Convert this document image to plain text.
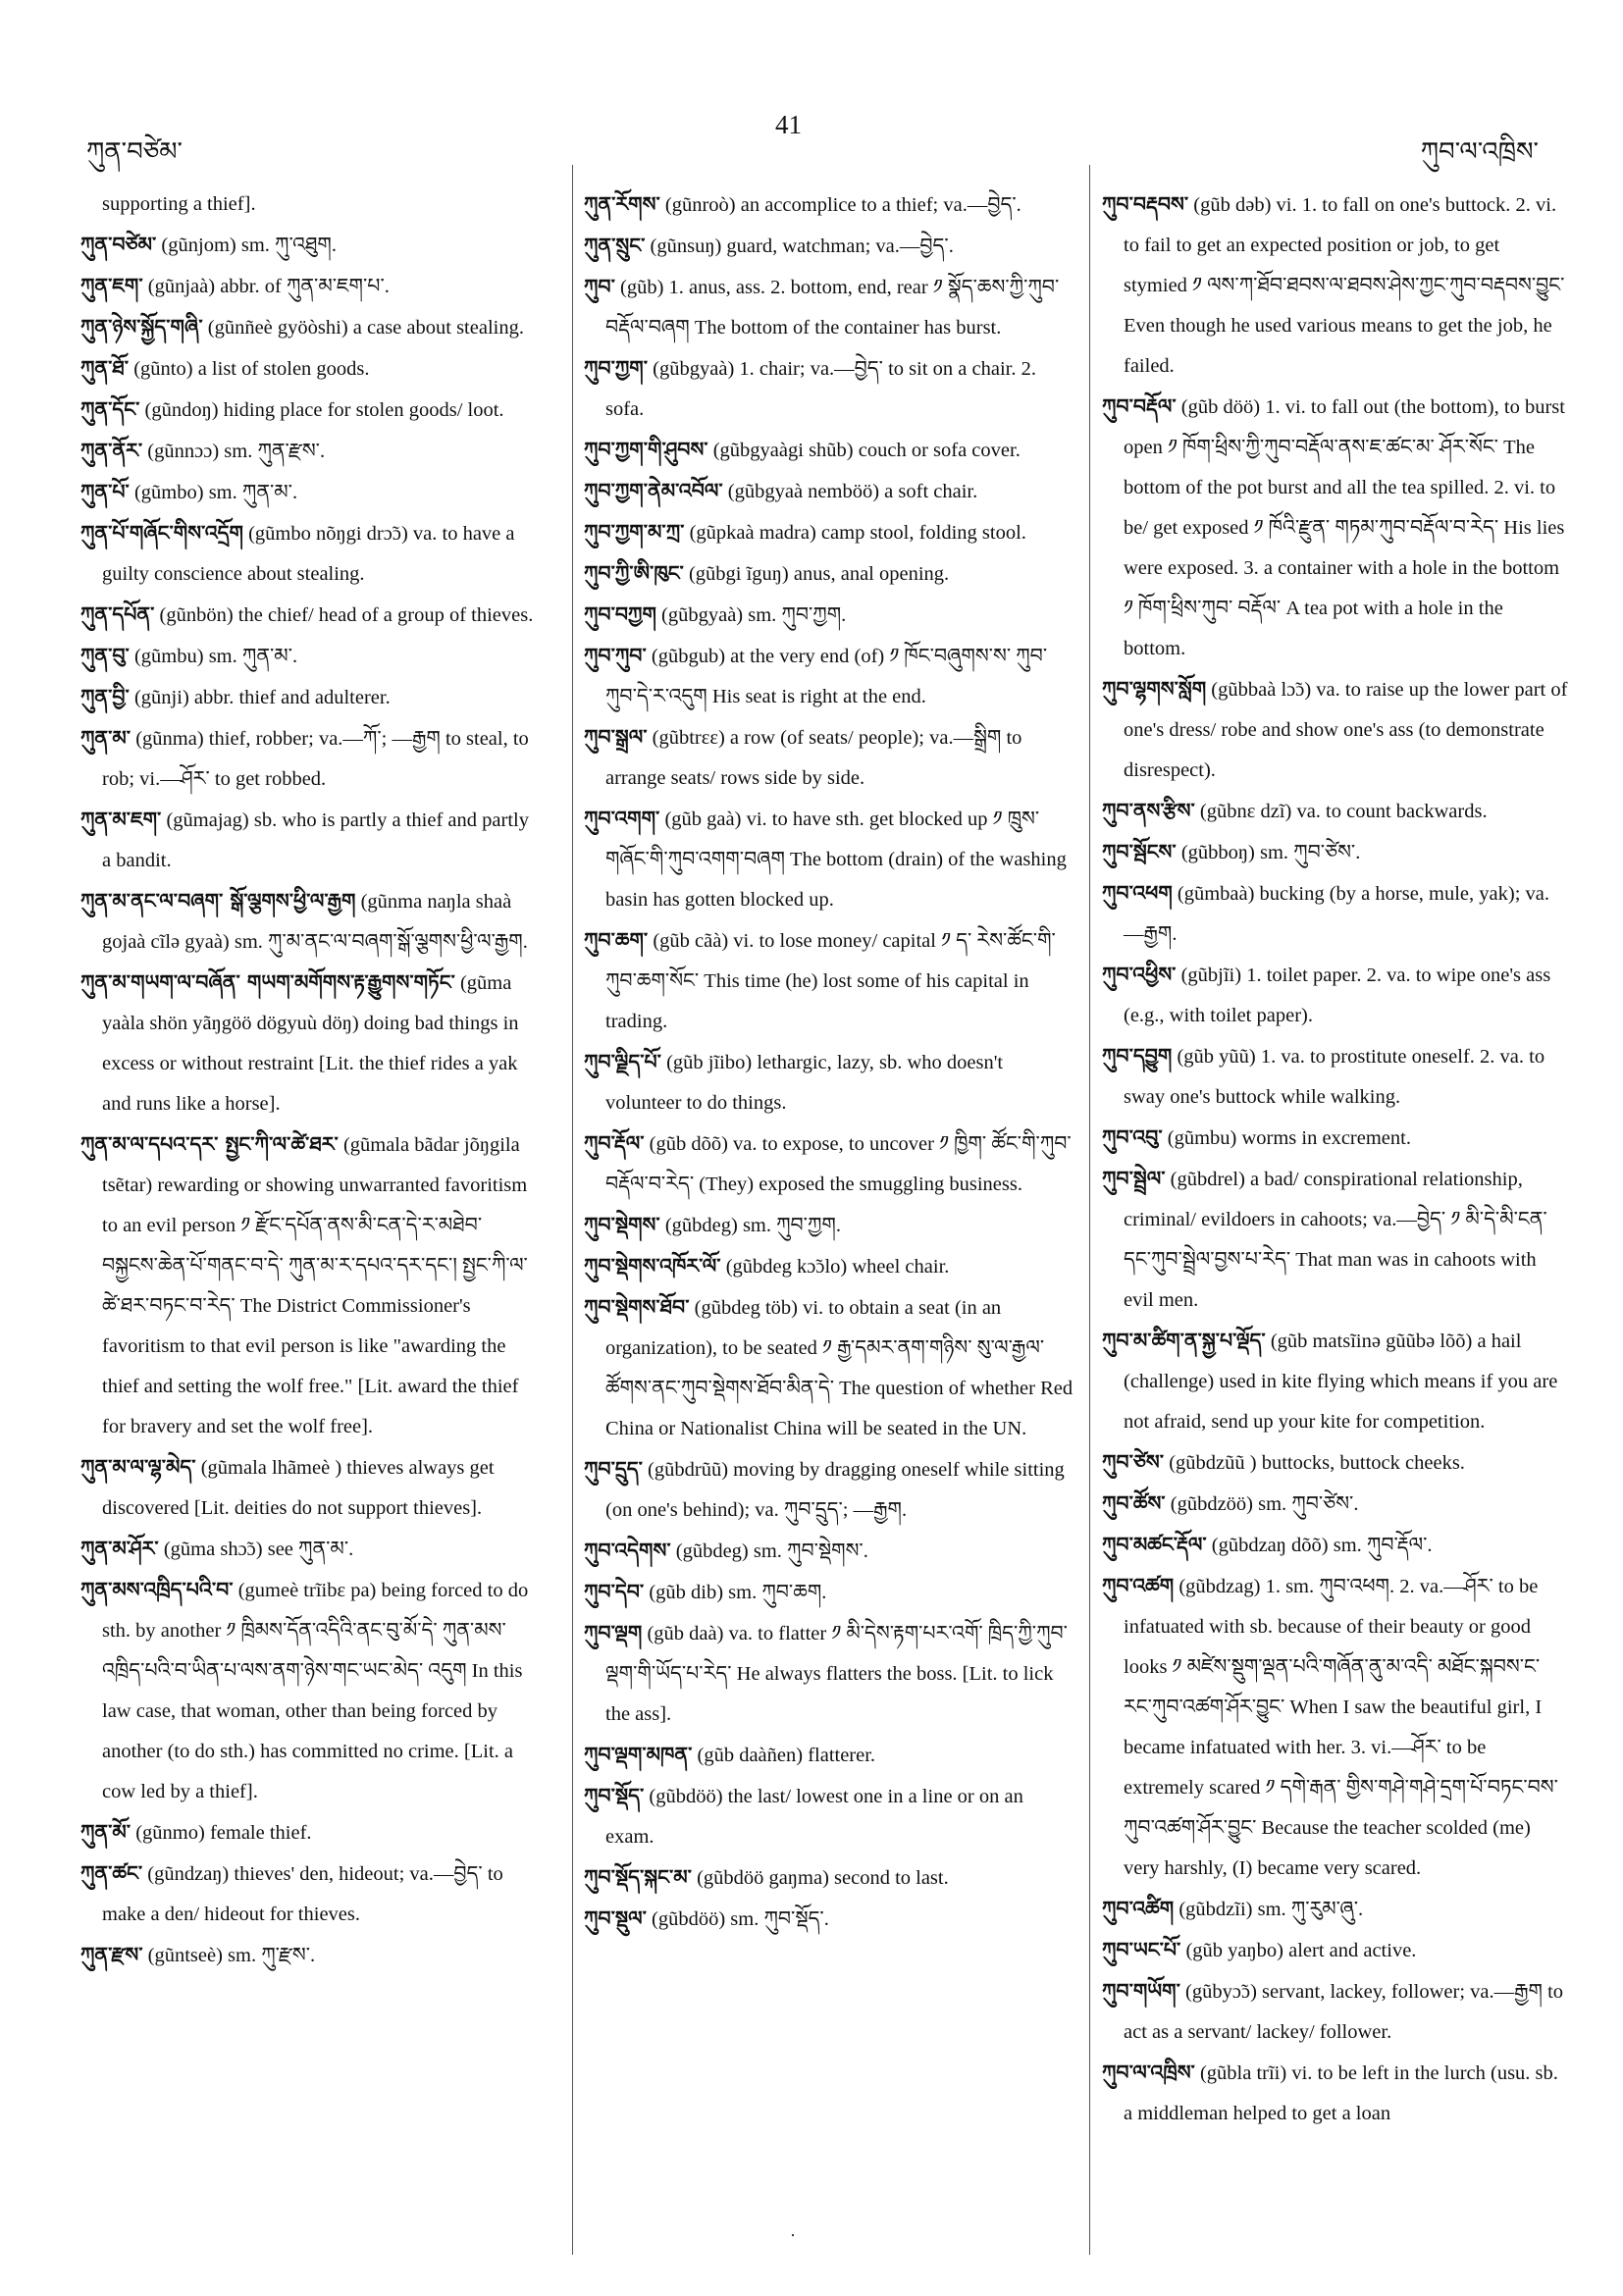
ཀུན་བཙེམ་
41
ཀུབ་ལ་འཁྲིས་

supporting a thief].

ཀུན་བཙེམ་ (gũnjom) sm. ཀུ་འཐུག.

ཀུན་ཇག་ (gũnjaà) abbr. of ཀུན་མ་ཇག་པ་.

ཀུན་ཉེས་སྐྱོད་གཞི་ (gũnñeè gyöòshi) a case about stealing.

ཀུན་ཐོ་ (gũnto) a list of stolen goods.

ཀུན་དོང་ (gũndoŋ) hiding place for stolen goods/ loot.

ཀུན་ནོར་ (gũnnɔɔ) sm. ཀུན་རྫས་.

ཀུན་པོ་ (gũmbo) sm. ཀུན་མ་.

ཀུན་པོ་གཞོང་གིས་འདྲོག (gũmbo nõŋgi drɔ̃ɔ) va. to have a guilty conscience about stealing.

ཀུན་དཔོན་ (gũnbön) the chief/ head of a group of thieves.

ཀུན་བུ་ (gũmbu) sm. ཀུན་མ་.

ཀུན་བྱི་ (gũnji) abbr. thief and adulterer.

ཀུན་མ་ (gũnma) thief, robber; va.—ཀོ་; —རྒྱག to steal, to rob; vi.—ཤོར་ to get robbed.

ཀུན་མ་ཇག་ (gũmajag) sb. who is partly a thief and partly a bandit.

ཀུན་མ་ནང་ལ་བཞག་ སྒོ་ལྕགས་ཕྱི་ལ་རྒྱག (gũnma naŋla shaà gojaà cĩlə gyaà) sm. ཀུ་མ་ནང་ལ་བཞག་སྒོ་ལྕགས་ཕྱི་ལ་རྒྱག.

ཀུན་མ་གཡག་ལ་བཞོན་ གཡག་མགོགས་རྟ་རྒྱུགས་གཏོང་ (gũma yaàla shön yãŋgöö dögyuù döŋ) doing bad things in excess or without restraint [Lit. the thief rides a yak and runs like a horse].

ཀུན་མ་ལ་དཔའ་དར་ སྤྱང་ཀི་ལ་ཚེ་ཐར་ (gũmala bãdar jõŋgila tsẽtar) rewarding or showing unwarranted favoritism to an evil person ༡ རྫོང་དཔོན་ནས་མི་ངན་དེ་ར་མཐེབ་བསྐྱངས་ཆེན་པོ་གནང་བ་དེ་ ཀུན་མ་ར་དཔའ་དར་དང་། སྤྱང་ཀི་ལ་ཚེ་ཐར་བཏང་བ་རེད་ The District Commissioner's favoritism to that evil person is like "awarding the thief and setting the wolf free." [Lit. award the thief for bravery and set the wolf free].

ཀུན་མ་ལ་ལྷ་མེད་ (gũmala lhãmeè ) thieves always get discovered [Lit. deities do not support thieves].

ཀུན་མ་ཤོར་ (gũma shɔ̃ɔ) see ཀུན་མ་.

ཀུན་མས་འཁྲིད་པའི་བ་ (gumeè trĩibɛ pa) being forced to do sth. by another ༡ ཁྲིམས་དོན་འདིའི་ནང་བུ་མོ་དེ་ ཀུན་མས་འཁྲིད་པའི་བ་ཡིན་པ་ལས་ནག་ཉེས་གང་ཡང་མེད་ འདུག In this law case, that woman, other than being forced by another (to do sth.) has committed no crime. [Lit. a cow led by a thief].

ཀུན་མོ་ (gũnmo) female thief.

ཀུན་ཚང་ (gũndzaŋ) thieves' den, hideout; va.—བྱེད་ to make a den/ hideout for thieves.

ཀུན་རྫས་ (gũntseè) sm. ཀུ་རྫས་.

ཀུན་རོགས་ (gũnroò) an accomplice to a thief; va.—བྱེད་.

ཀུན་སྲུང་ (gũnsuŋ) guard, watchman; va.—བྱེད་.

ཀུབ་ (gũb) 1. anus, ass. 2. bottom, end, rear ༡ སྣོད་ཆས་ཀྱི་ཀུབ་བརྡོལ་བཞག The bottom of the container has burst.

ཀུབ་ཀྱག་ (gũbgyaà) 1. chair; va.—བྱེད་ to sit on a chair. 2. sofa.

ཀུབ་ཀྱག་གི་ཤུབས་ (gũbgyaàgi shũb) couch or sofa cover.

ཀུབ་ཀྱག་ནེམ་འབོལ་ (gũbgyaà nemböö) a soft chair.

ཀུབ་ཀྱག་མ་ཀྲ་ (gũpkaà madra) camp stool, folding stool.

ཀུབ་ཀྱི་ཨི་ཁུང་ (gũbgi ĩguŋ) anus, anal opening.

ཀུབ་བཀྱག (gũbgyaà) sm. ཀུབ་ཀྱག.

ཀུབ་ཀུབ་ (gũbgub) at the very end (of) ༡ ཁོང་བཞུགས་ས་ ཀུབ་ཀུབ་དེ་ར་འདུག His seat is right at the end.

ཀུབ་སྒྲལ་ (gũbtrɛɛ) a row (of seats/ people); va.—སྒྲིག to arrange seats/ rows side by side.

ཀུབ་འགག་ (gũb gaà) vi. to have sth. get blocked up ༡ ཁྲུས་གཞོང་གི་ཀུབ་འགག་བཞག The bottom (drain) of the washing basin has gotten blocked up.

ཀུབ་ཆག་ (gũb cãà) vi. to lose money/ capital ༡ ད་ རེས་ཚོང་གི་ཀུབ་ཆག་སོང་ This time (he) lost some of his capital in trading.

ཀུབ་ལྗིད་པོ་ (gũb jĩibo) lethargic, lazy, sb. who doesn't volunteer to do things.

ཀུབ་རྡོལ་ (gũb dõõ) va. to expose, to uncover ༡ ཁྱིག་ ཚོང་གི་ཀུབ་བརྡོལ་བ་རེད་ (They) exposed the smuggling business.

ཀུབ་སྡེགས་ (gũbdeg) sm. ཀུབ་ཀྱག.

ཀུབ་སྡེགས་འཁོར་ལོ་ (gũbdeg kɔ̃ɔlo) wheel chair.

ཀུབ་སྡེགས་ཐོབ་ (gũbdeg töb) vi. to obtain a seat (in an organization), to be seated ༡ རྒྱ་དམར་ནག་གཉིས་ སུ་ལ་རྒྱལ་ཚོགས་ནང་ཀུབ་སྡེགས་ཐོབ་མིན་དེ་ The question of whether Red China or Nationalist China will be seated in the UN.

ཀུབ་དྲུད་ (gũbdrũũ) moving by dragging oneself while sitting (on one's behind); va. ཀུབ་དྲུད་; —རྒྱག.

ཀུབ་འདེགས་ (gũbdeg) sm. ཀུབ་སྡེགས་.

ཀུབ་དེབ་ (gũb dib) sm. ཀུབ་ཆག.

ཀུབ་ལྡག (gũb daà) va. to flatter ༡ མི་དེས་རྟག་པར་འགོ་ ཁྲིད་ཀྱི་ཀུབ་ལྡག་གི་ཡོད་པ་རེད་ He always flatters the boss. [Lit. to lick the ass].

ཀུབ་ལྡག་མཁན་ (gũb daàñen) flatterer.

ཀུབ་སྡོད་ (gũbdöö) the last/ lowest one in a line or on an exam.

ཀུབ་སྡོད་སྐང་མ་ (gũbdöö gaŋma) second to last.

ཀུབ་སྡུལ་ (gũbdöö) sm. ཀུབ་སྡོད་.

ཀུབ་བརྡབས་ (gũb dəb) vi. 1. to fall on one's buttock. 2. vi. to fail to get an expected position or job, to get stymied ༡ ལས་ཀ་ཐོབ་ཐབས་ལ་ཐབས་ཤེས་ཀྱང་ཀུབ་བརྡབས་བྱུང་ Even though he used various means to get the job, he failed.

ཀུབ་བརྡོལ་ (gũb döö) 1. vi. to fall out (the bottom), to burst open ༡ ཁོག་ཕྲིས་ཀྱི་ཀུབ་བརྡོལ་ནས་ཇ་ཚང་མ་ ཤོར་སོང་ The bottom of the pot burst and all the tea spilled. 2. vi. to be/ get exposed ༡ ཁོའི་རྫུན་ གཏམ་ཀུབ་བརྡོལ་བ་རེད་ His lies were exposed. 3. a container with a hole in the bottom ༡ ཁོག་ཕྲིས་ཀུབ་ བརྡོལ་ A tea pot with a hole in the bottom.

ཀུབ་ལྷགས་སློག (gũbbaà lɔ̃ɔ) va. to raise up the lower part of one's dress/ robe and show one's ass (to demonstrate disrespect).

ཀུབ་ནས་རྩིས་ (gũbnɛ dzĩ) va. to count backwards.

ཀུབ་སྦོངས་ (gũbboŋ) sm. ཀུབ་ཙེས་.

ཀུབ་འཕག (gũmbaà) bucking (by a horse, mule, yak); va.—རྒྱག.

ཀུབ་འཕྱིས་ (gũbjĩi) 1. toilet paper. 2. va. to wipe one's ass (e.g., with toilet paper).

ཀུབ་དབྱུག (gũb yũũ) 1. va. to prostitute oneself. 2. va. to sway one's buttock while walking.

ཀུབ་འབུ་ (gũmbu) worms in excrement.

ཀུབ་སྦྲེལ་ (gũbdrel) a bad/ conspirational relationship, criminal/ evildoers in cahoots; va.—བྱེད་ ༡ མི་དེ་མི་ངན་དང་ཀུབ་སྦྲེལ་བྱས་པ་རེད་ That man was in cahoots with evil men.

ཀུབ་མ་ཚིག་ན་སྐྱ་པ་ལྡོད་ (gũb matsĩinə gũũbə lõõ) a hail (challenge) used in kite flying which means if you are not afraid, send up your kite for competition.

ཀུབ་ཙེས་ (gũbdzũũ ) buttocks, buttock cheeks.

ཀུབ་ཚོས་ (gũbdzöö) sm. ཀུབ་ཙེས་.

ཀུབ་མཚང་རྡོལ་ (gũbdzaŋ dõõ) sm. ཀུབ་རྡོལ་.

ཀུབ་འཚག (gũbdzag) 1. sm. ཀུབ་འཕག. 2. va.—ཤོར་ to be infatuated with sb. because of their beauty or good looks ༡ མཛེས་སྡུག་ལྡན་པའི་གཞོན་ནུ་མ་འདི་ མཐོང་སྐབས་ང་རང་ཀུབ་འཚག་ཤོར་བྱུང་ When I saw the beautiful girl, I became infatuated with her. 3. vi.—ཤོར་ to be extremely scared ༡ དགེ་རྒན་ གྱིས་གཤེ་གཤེ་དྲག་པོ་བཏང་བས་ཀུབ་འཚག་ཤོར་བྱུང་ Because the teacher scolded (me) very harshly, (I) became very scared.

ཀུབ་འཚིག (gũbdzĩi) sm. ཀུ་རུམ་ཞུ་.

ཀུབ་ཡང་པོ་ (gũb yaŋbo) alert and active.

ཀུབ་གཡོག་ (gũbyɔ̃ɔ) servant, lackey, follower; va.—རྒྱག to act as a servant/ lackey/ follower.

ཀུབ་ལ་འཁྲིས་ (gũbla trĩi) vi. to be left in the lurch (usu. sb. a middleman helped to get a loan

·
